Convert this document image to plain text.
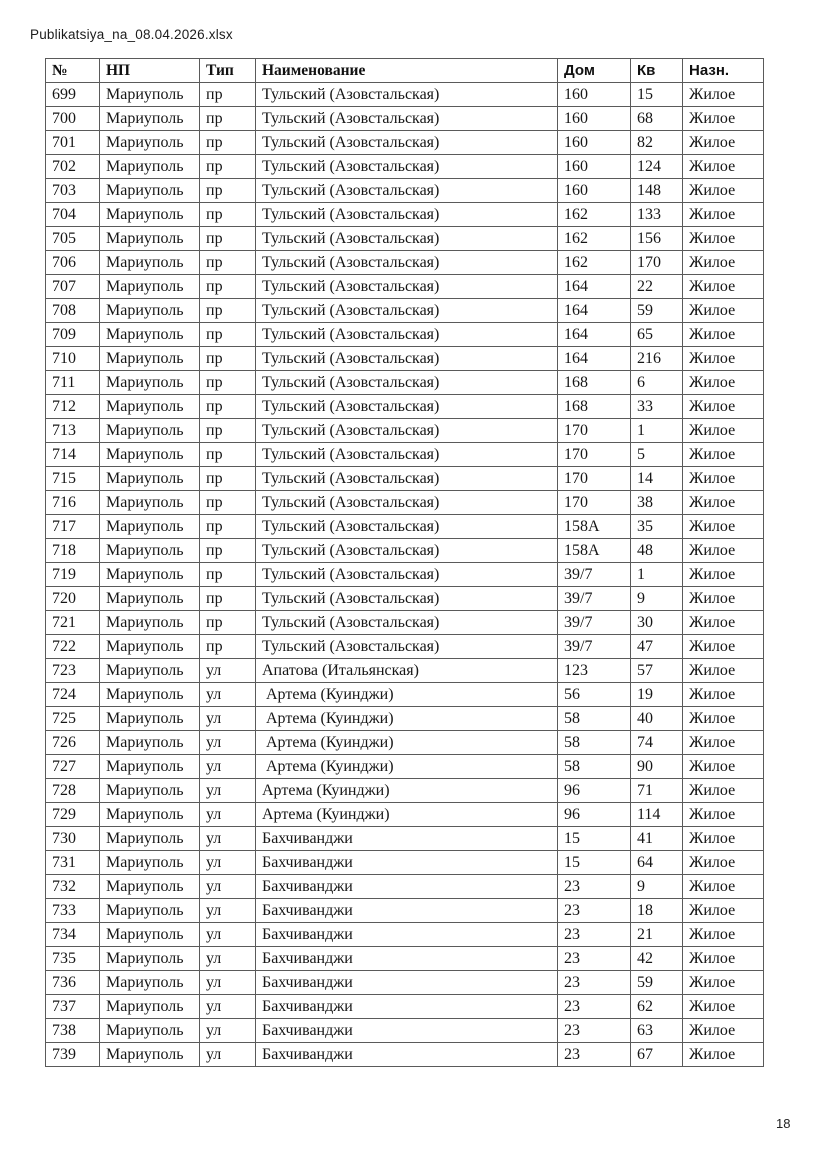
Publikatsiya_na_08.04.2026.xlsx
№	НП	Тип	Наименование	Дом	Кв	Назн.
699	Мариуполь	пр	Тульский (Азовстальская)	160	15	Жилое
700	Мариуполь	пр	Тульский (Азовстальская)	160	68	Жилое
701	Мариуполь	пр	Тульский (Азовстальская)	160	82	Жилое
702	Мариуполь	пр	Тульский (Азовстальская)	160	124	Жилое
703	Мариуполь	пр	Тульский (Азовстальская)	160	148	Жилое
704	Мариуполь	пр	Тульский (Азовстальская)	162	133	Жилое
705	Мариуполь	пр	Тульский (Азовстальская)	162	156	Жилое
706	Мариуполь	пр	Тульский (Азовстальская)	162	170	Жилое
707	Мариуполь	пр	Тульский (Азовстальская)	164	22	Жилое
708	Мариуполь	пр	Тульский (Азовстальская)	164	59	Жилое
709	Мариуполь	пр	Тульский (Азовстальская)	164	65	Жилое
710	Мариуполь	пр	Тульский (Азовстальская)	164	216	Жилое
711	Мариуполь	пр	Тульский (Азовстальская)	168	6	Жилое
712	Мариуполь	пр	Тульский (Азовстальская)	168	33	Жилое
713	Мариуполь	пр	Тульский (Азовстальская)	170	1	Жилое
714	Мариуполь	пр	Тульский (Азовстальская)	170	5	Жилое
715	Мариуполь	пр	Тульский (Азовстальская)	170	14	Жилое
716	Мариуполь	пр	Тульский (Азовстальская)	170	38	Жилое
717	Мариуполь	пр	Тульский (Азовстальская)	158А	35	Жилое
718	Мариуполь	пр	Тульский (Азовстальская)	158А	48	Жилое
719	Мариуполь	пр	Тульский (Азовстальская)	39/7	1	Жилое
720	Мариуполь	пр	Тульский (Азовстальская)	39/7	9	Жилое
721	Мариуполь	пр	Тульский (Азовстальская)	39/7	30	Жилое
722	Мариуполь	пр	Тульский (Азовстальская)	39/7	47	Жилое
723	Мариуполь	ул	Апатова (Итальянская)	123	57	Жилое
724	Мариуполь	ул	Артема (Куинджи)	56	19	Жилое
725	Мариуполь	ул	Артема (Куинджи)	58	40	Жилое
726	Мариуполь	ул	Артема (Куинджи)	58	74	Жилое
727	Мариуполь	ул	Артема (Куинджи)	58	90	Жилое
728	Мариуполь	ул	Артема (Куинджи)	96	71	Жилое
729	Мариуполь	ул	Артема (Куинджи)	96	114	Жилое
730	Мариуполь	ул	Бахчиванджи	15	41	Жилое
731	Мариуполь	ул	Бахчиванджи	15	64	Жилое
732	Мариуполь	ул	Бахчиванджи	23	9	Жилое
733	Мариуполь	ул	Бахчиванджи	23	18	Жилое
734	Мариуполь	ул	Бахчиванджи	23	21	Жилое
735	Мариуполь	ул	Бахчиванджи	23	42	Жилое
736	Мариуполь	ул	Бахчиванджи	23	59	Жилое
737	Мариуполь	ул	Бахчиванджи	23	62	Жилое
738	Мариуполь	ул	Бахчиванджи	23	63	Жилое
739	Мариуполь	ул	Бахчиванджи	23	67	Жилое
18
